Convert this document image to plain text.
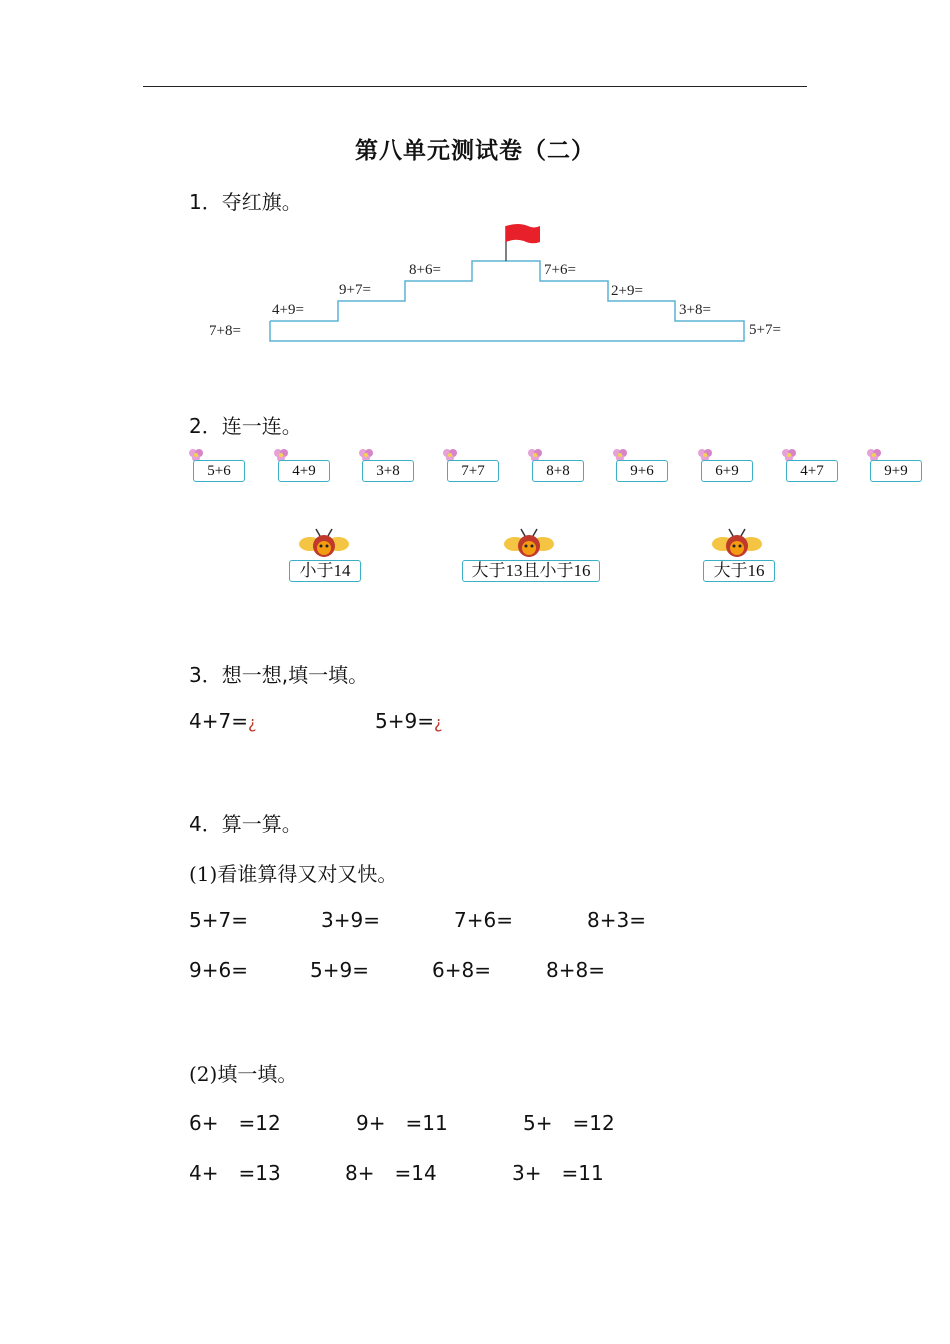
第八单元测试卷（二）
1．夺红旗。
7+8=
4+9=
9+7=
8+6=	7+6=
2+9=
3+8=
5+7=
2．连一连。
5+6	4+9	3+8	7+7	8+8	9+6	6+9	4+7	9+9
小于14	大于13且小于16	大于16
3．想一想,填一填。
4+7=¿	5+9=¿
4．算一算。
(1)看谁算得又对又快。
5+7=	3+9=	7+6=	8+3=
9+6=	5+9=	6+8=	8+8=
(2)填一填。
6+　=12	9+　=11	5+　=12
4+　=13	8+　=14	3+　=11
